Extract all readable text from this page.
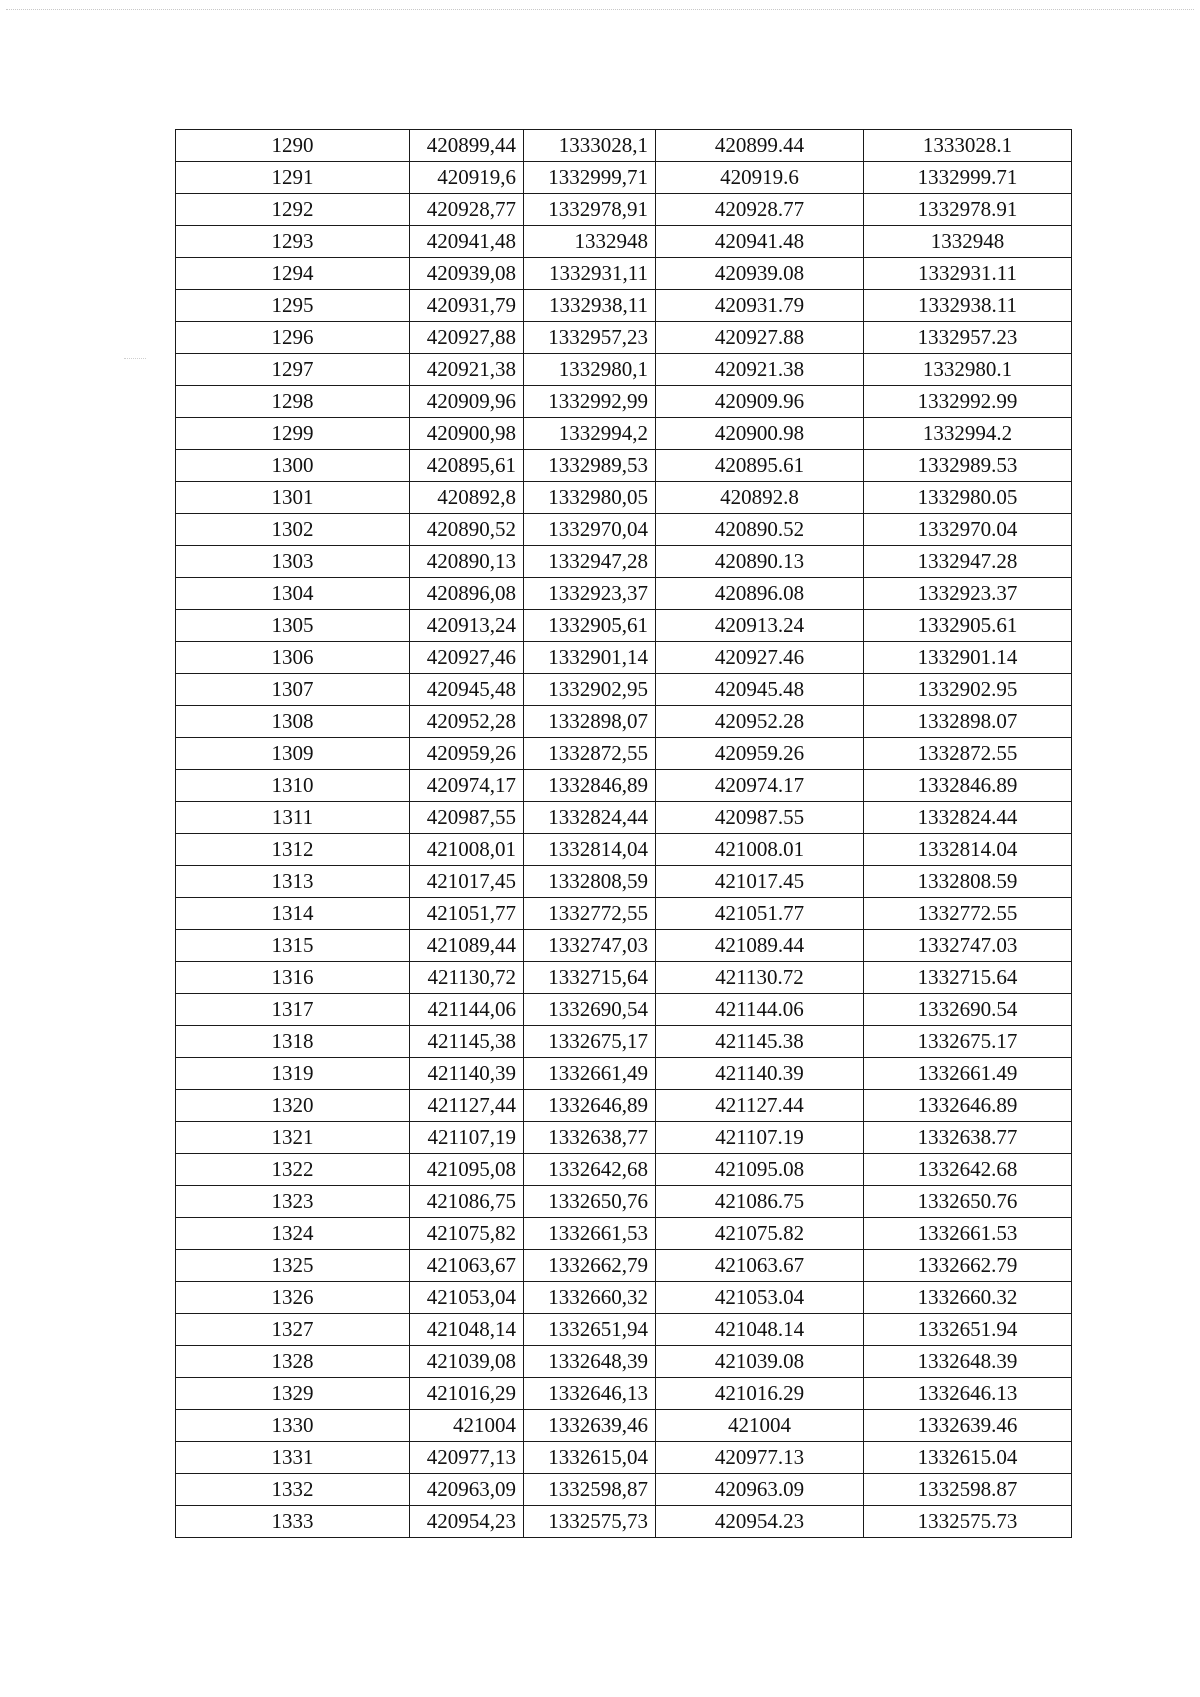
1290	420899,44	1333028,1	420899.44	1333028.1
1291	420919,6	1332999,71	420919.6	1332999.71
1292	420928,77	1332978,91	420928.77	1332978.91
1293	420941,48	1332948	420941.48	1332948
1294	420939,08	1332931,11	420939.08	1332931.11
1295	420931,79	1332938,11	420931.79	1332938.11
1296	420927,88	1332957,23	420927.88	1332957.23
1297	420921,38	1332980,1	420921.38	1332980.1
1298	420909,96	1332992,99	420909.96	1332992.99
1299	420900,98	1332994,2	420900.98	1332994.2
1300	420895,61	1332989,53	420895.61	1332989.53
1301	420892,8	1332980,05	420892.8	1332980.05
1302	420890,52	1332970,04	420890.52	1332970.04
1303	420890,13	1332947,28	420890.13	1332947.28
1304	420896,08	1332923,37	420896.08	1332923.37
1305	420913,24	1332905,61	420913.24	1332905.61
1306	420927,46	1332901,14	420927.46	1332901.14
1307	420945,48	1332902,95	420945.48	1332902.95
1308	420952,28	1332898,07	420952.28	1332898.07
1309	420959,26	1332872,55	420959.26	1332872.55
1310	420974,17	1332846,89	420974.17	1332846.89
1311	420987,55	1332824,44	420987.55	1332824.44
1312	421008,01	1332814,04	421008.01	1332814.04
1313	421017,45	1332808,59	421017.45	1332808.59
1314	421051,77	1332772,55	421051.77	1332772.55
1315	421089,44	1332747,03	421089.44	1332747.03
1316	421130,72	1332715,64	421130.72	1332715.64
1317	421144,06	1332690,54	421144.06	1332690.54
1318	421145,38	1332675,17	421145.38	1332675.17
1319	421140,39	1332661,49	421140.39	1332661.49
1320	421127,44	1332646,89	421127.44	1332646.89
1321	421107,19	1332638,77	421107.19	1332638.77
1322	421095,08	1332642,68	421095.08	1332642.68
1323	421086,75	1332650,76	421086.75	1332650.76
1324	421075,82	1332661,53	421075.82	1332661.53
1325	421063,67	1332662,79	421063.67	1332662.79
1326	421053,04	1332660,32	421053.04	1332660.32
1327	421048,14	1332651,94	421048.14	1332651.94
1328	421039,08	1332648,39	421039.08	1332648.39
1329	421016,29	1332646,13	421016.29	1332646.13
1330	421004	1332639,46	421004	1332639.46
1331	420977,13	1332615,04	420977.13	1332615.04
1332	420963,09	1332598,87	420963.09	1332598.87
1333	420954,23	1332575,73	420954.23	1332575.73
